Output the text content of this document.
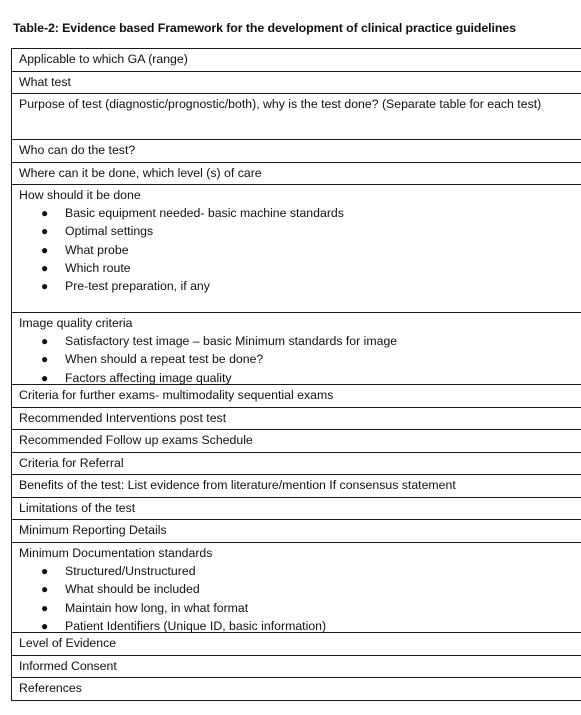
Table-2: Evidence based Framework for the development of clinical practice guidelines
Applicable to which GA (range)
What test
Purpose of test (diagnostic/prognostic/both), why is the test done? (Separate table for each test)
Who can do the test?
Where can it be done, which level (s) of care
How should it be done
● Basic equipment needed- basic machine standards
● Optimal settings
● What probe
● Which route
● Pre-test preparation, if any
Image quality criteria
● Satisfactory test image – basic Minimum standards for image
● When should a repeat test be done?
● Factors affecting image quality
Criteria for further exams- multimodality sequential exams
Recommended Interventions post test
Recommended Follow up exams Schedule
Criteria for Referral
Benefits of the test: List evidence from literature/mention If consensus statement
Limitations of the test
Minimum Reporting Details
Minimum Documentation standards
● Structured/Unstructured
● What should be included
● Maintain how long, in what format
● Patient Identifiers (Unique ID, basic information)
Level of Evidence
Informed Consent
References
